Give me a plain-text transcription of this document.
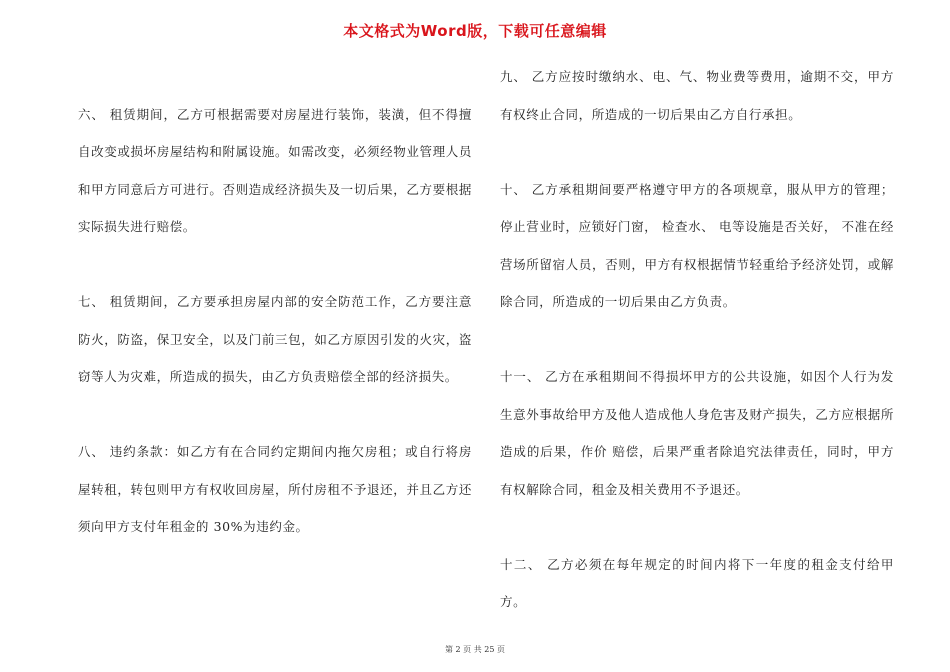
本文格式为Word版，下载可任意编辑

六、 租赁期间，乙方可根据需要对房屋进行装饰，装潢，但不得擅自改变或损坏房屋结构和附属设施。如需改变，必须经物业管理人员和甲方同意后方可进行。否则造成经济损失及一切后果，乙方要根据实际损失进行赔偿。

七、 租赁期间，乙方要承担房屋内部的安全防范工作，乙方要注意防火，防盗，保卫安全，以及门前三包，如乙方原因引发的火灾，盗窃等人为灾难，所造成的损失，由乙方负责赔偿全部的经济损失。

八、 违约条款：如乙方有在合同约定期间内拖欠房租；或自行将房屋转租，转包则甲方有权收回房屋，所付房租不予退还，并且乙方还须向甲方支付年租金的 30%为违约金。

九、 乙方应按时缴纳水、电、气、物业费等费用，逾期不交，甲方有权终止合同，所造成的一切后果由乙方自行承担。

十、 乙方承租期间要严格遵守甲方的各项规章，服从甲方的管理；停止营业时，应锁好门窗， 检查水、 电等设施是否关好， 不准在经营场所留宿人员，否则，甲方有权根据情节轻重给予经济处罚，或解除合同，所造成的一切后果由乙方负责。

十一、 乙方在承租期间不得损坏甲方的公共设施，如因个人行为发生意外事故给甲方及他人造成他人身危害及财产损失，乙方应根据所造成的后果，作价 赔偿，后果严重者除追究法律责任，同时，甲方有权解除合同，租金及相关费用不予退还。

十二、 乙方必须在每年规定的时间内将下一年度的租金支付给甲方。

第 2 页 共 25 页
